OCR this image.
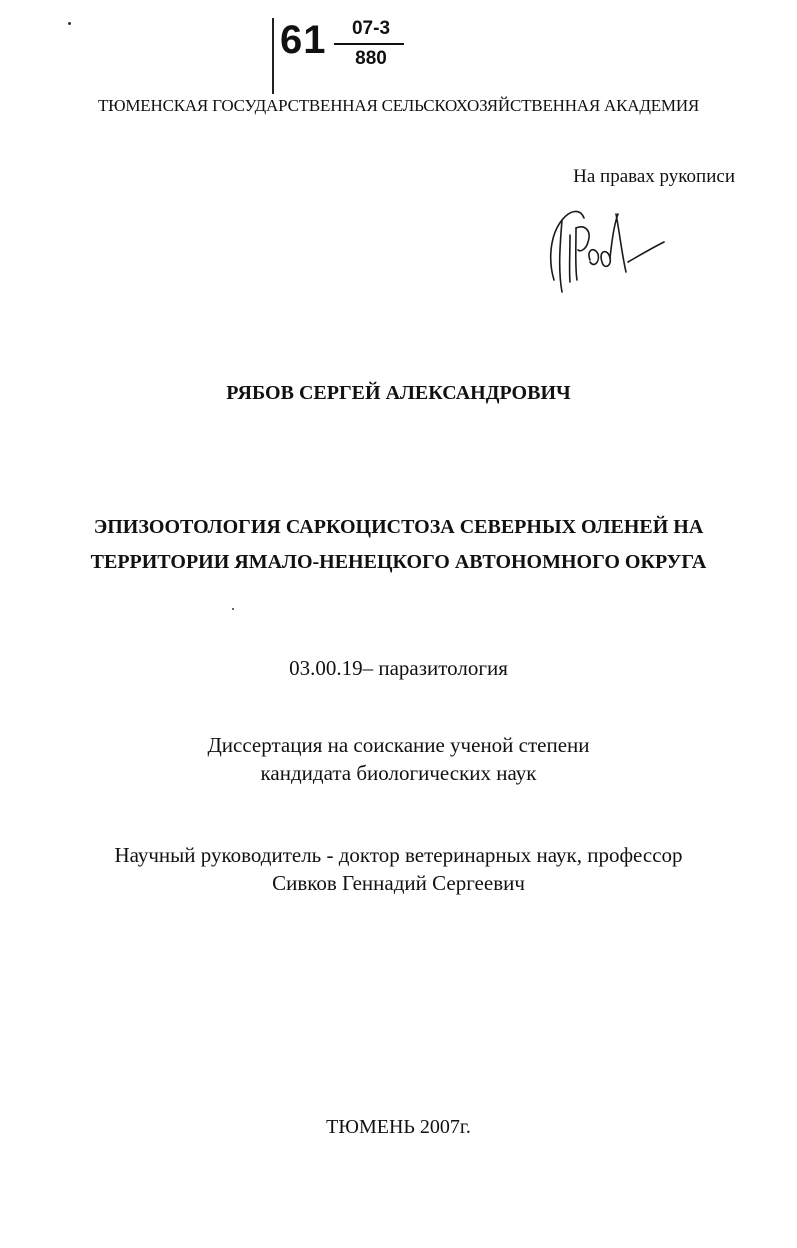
61	07-3
880
ТЮМЕНСКАЯ ГОСУДАРСТВЕННАЯ СЕЛЬСКОХОЗЯЙСТВЕННАЯ АКАДЕМИЯ
На правах рукописи
РЯБОВ СЕРГЕЙ АЛЕКСАНДРОВИЧ
ЭПИЗООТОЛОГИЯ САРКОЦИСТОЗА СЕВЕРНЫХ ОЛЕНЕЙ НА
ТЕРРИТОРИИ ЯМАЛО-НЕНЕЦКОГО АВТОНОМНОГО ОКРУГА
03.00.19– паразитология
Диссертация на соискание ученой степени
кандидата биологических наук
Научный руководитель - доктор ветеринарных наук, профессор
Сивков Геннадий Сергеевич
ТЮМЕНЬ 2007г.
